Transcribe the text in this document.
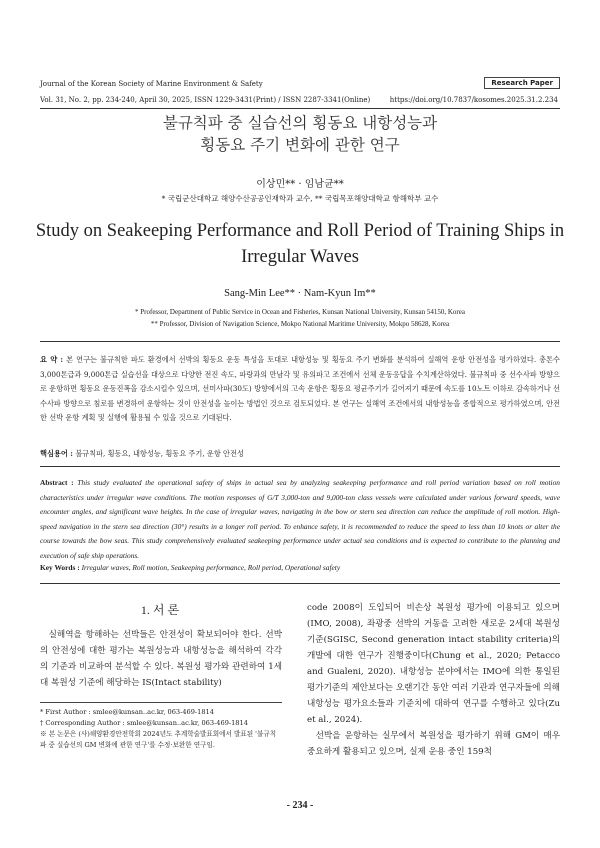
Journal of the Korean Society of Marine Environment & Safety	Research Paper
Vol. 31, No. 2, pp. 234-240, April 30, 2025, ISSN 1229-3431(Print) / ISSN 2287-3341(Online)	https://doi.org/10.7837/kosomes.2025.31.2.234
불규칙파 중 실습선의 횡동요 내항성능과
횡동요 주기 변화에 관한 연구
이상민** · 임남균**
* 국립군산대학교 해양수산공공인재학과 교수, ** 국립목포해양대학교 항해학부 교수
Study on Seakeeping Performance and Roll Period of Training Ships in
Irregular Waves
Sang-Min Lee** · Nam-Kyun Im**
* Professor, Department of Public Service in Ocean and Fisheries, Kunsan National University, Kunsan 54150, Korea
** Professor, Division of Navigation Science, Mokpo National Maritime University, Mokpo 58628, Korea
요 약 : 본 연구는 불규칙한 파도 환경에서 선박의 횡동요 운동 특성을 토대로 내항성능 및 횡동요 주기 변화를 분석하여 실해역 운항 안전성을 평가하였다. 총톤수 3,000톤급과 9,000톤급 실습선을 대상으로 다양한 전진 속도, 파랑과의 만남각 및 유의파고 조건에서 선체 운동응답을 수치계산하였다. 불규칙파 중 선수사파 방향으로 운항하면 횡동요 운동진폭을 감소시킬수 있으며, 선미사파(30도) 방향에서의 고속 운항은 횡동요 평균주기가 길어져기 때문에 속도를 10노트 이하로 감속하거나 선수사파 방향으로 침로를 변경하여 운항하는 것이 안전성을 높이는 방법인 것으로 검토되었다. 본 연구는 실해역 조건에서의 내항성능을 종합적으로 평가하였으며, 안전한 선박 운항 계획 및 실행에 활용될 수 있을 것으로 기대된다.
핵심용어 : 불규칙파, 횡동요, 내항성능, 횡동요 주기, 운항 안전성
Abstract : This study evaluated the operational safety of ships in actual sea by analyzing seakeeping performance and roll period variation based on roll motion characteristics under irregular wave conditions. The motion responses of G/T 3,000-ton and 9,000-ton class vessels were calculated under various forward speeds, wave encounter angles, and significant wave heights. In the case of irregular waves, navigating in the bow or stern sea direction can reduce the amplitude of roll motion. High-speed navigation in the stern sea direction (30°) results in a longer roll period. To enhance safety, it is recommended to reduce the speed to less than 10 knots or alter the course towards the bow seas. This study comprehensively evaluated seakeeping performance under actual sea conditions and is expected to contribute to the planning and execution of safe ship operations.
Key Words : Irregular waves, Roll motion, Seakeeping performance, Roll period, Operational safety
1. 서 론
실해역을 항해하는 선박들은 안전성이 확보되어야 한다. 선박의 안전성에 대한 평가는 복원성능과 내항성능을 해석하여 각각의 기준과 비교하여 분석할 수 있다. 복원성 평가와 관련하여 1세대 복원성 기준에 해당하는 IS(Intact stability)

code 2008이 도입되어 비손상 복원성 평가에 이용되고 있으며(IMO, 2008), 좌광중 선박의 거동을 고려한 새로운 2세대 복원성 기준(SGISC, Second generation intact stability criteria)의 개발에 대한 연구가 진행중이다(Chung et al., 2020; Petacco and Gualeni, 2020). 내항성능 분야에서는 IMO에 의한 통일된 평가기준의 제안보다는 오랜기간 동안 여러 기관과 연구자들에 의해 내항성능 평가요소들과 기준치에 대하여 연구를 수행하고 있다(Zu et al., 2024).

선박을 운항하는 실무에서 복원성을 평가하기 위해 GM이 매우 중요하게 활용되고 있으며, 실제 운용 중인 159척

* First Author : smlee@kunsan..ac.kr, 063-469-1814
† Corresponding Author : smlee@kunsan..ac.kr, 063-469-1814
※ 본 논문은 (사)해양환경안전학회 2024년도 추계학술발표회에서 발표된 '불규칙파 중 실습선의 GM 변화에 관한 연구'를 수정·보완한 연구임.
- 234 -
